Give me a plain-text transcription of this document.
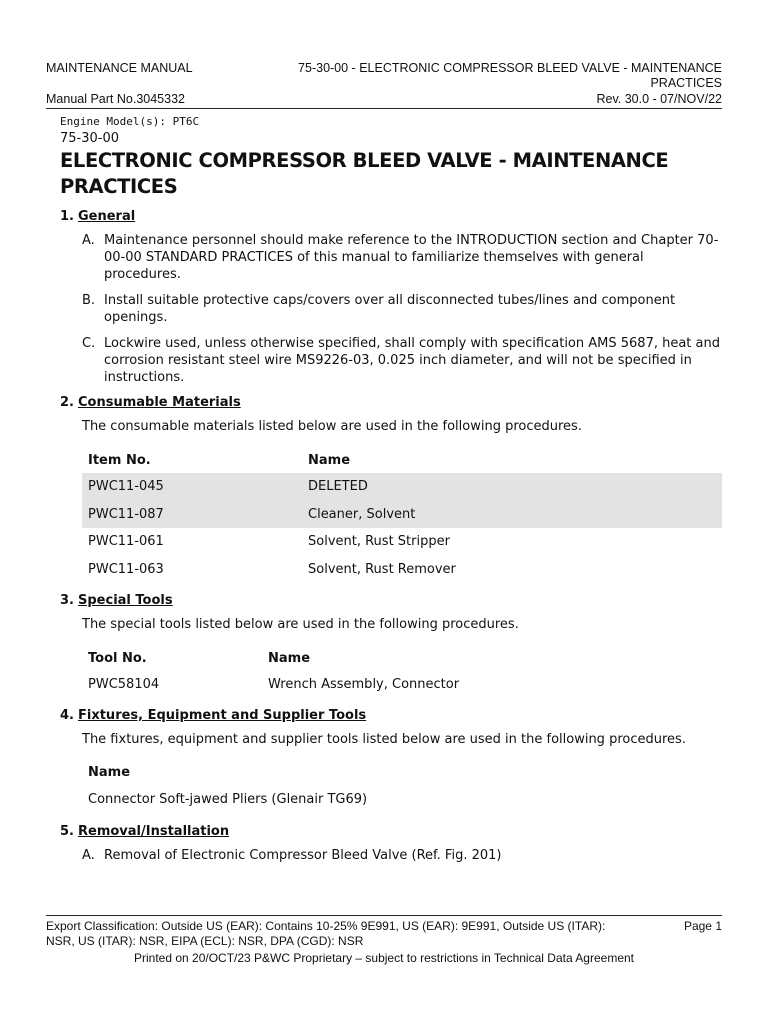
MAINTENANCE MANUAL	75-30-00 - ELECTRONIC COMPRESSOR BLEED VALVE - MAINTENANCE PRACTICES
Manual Part No.3045332	Rev. 30.0 - 07/NOV/22
Engine Model(s): PT6C
75-30-00
ELECTRONIC COMPRESSOR BLEED VALVE - MAINTENANCE PRACTICES
1. General
A. Maintenance personnel should make reference to the INTRODUCTION section and Chapter 70-00-00 STANDARD PRACTICES of this manual to familiarize themselves with general procedures.
B. Install suitable protective caps/covers over all disconnected tubes/lines and component openings.
C. Lockwire used, unless otherwise specified, shall comply with specification AMS 5687, heat and corrosion resistant steel wire MS9226-03, 0.025 inch diameter, and will not be specified in instructions.
2. Consumable Materials
The consumable materials listed below are used in the following procedures.
Item No.	Name
PWC11-045	DELETED
PWC11-087	Cleaner, Solvent
PWC11-061	Solvent, Rust Stripper
PWC11-063	Solvent, Rust Remover
3. Special Tools
The special tools listed below are used in the following procedures.
Tool No.	Name
PWC58104	Wrench Assembly, Connector
4. Fixtures, Equipment and Supplier Tools
The fixtures, equipment and supplier tools listed below are used in the following procedures.
Name
Connector Soft-jawed Pliers (Glenair TG69)
5. Removal/Installation
A. Removal of Electronic Compressor Bleed Valve (Ref. Fig. 201)
Export Classification: Outside US (EAR): Contains 10-25% 9E991, US (EAR): 9E991, Outside US (ITAR): NSR, US (ITAR): NSR, EIPA (ECL): NSR, DPA (CGD): NSR
Page 1
Printed on 20/OCT/23 P&WC Proprietary – subject to restrictions in Technical Data Agreement
